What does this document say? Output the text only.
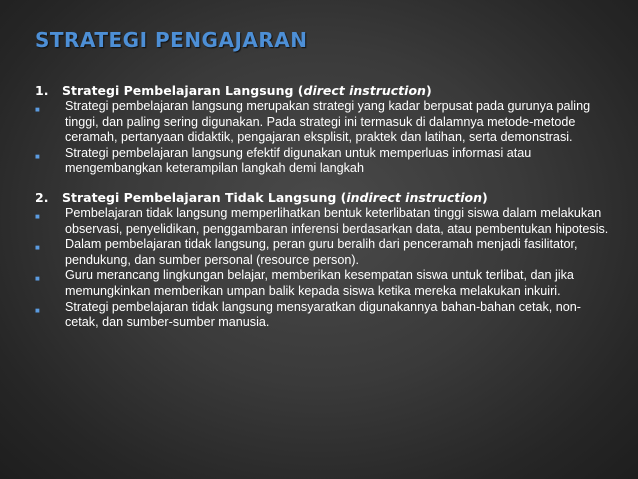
STRATEGI PENGAJARAN
1.	Strategi Pembelajaran Langsung (direct instruction)
■	Strategi pembelajaran langsung merupakan strategi yang kadar berpusat pada gurunya paling tinggi, dan paling sering digunakan. Pada strategi ini termasuk di dalamnya metode-metode ceramah, pertanyaan didaktik, pengajaran eksplisit, praktek dan latihan, serta demonstrasi.
■	Strategi pembelajaran langsung efektif digunakan untuk memperluas informasi atau mengembangkan keterampilan langkah demi langkah
2.	Strategi Pembelajaran Tidak Langsung (indirect instruction)
■	Pembelajaran tidak langsung memperlihatkan bentuk keterlibatan tinggi siswa dalam melakukan observasi, penyelidikan, penggambaran inferensi berdasarkan data, atau pembentukan hipotesis.
■	Dalam pembelajaran tidak langsung, peran guru beralih dari penceramah menjadi fasilitator, pendukung, dan sumber personal (resource person).
■	Guru merancang lingkungan belajar, memberikan kesempatan siswa untuk terlibat, dan jika memungkinkan memberikan umpan balik kepada siswa ketika mereka melakukan inkuiri.
■	Strategi pembelajaran tidak langsung mensyaratkan digunakannya bahan-bahan cetak, non-cetak, dan sumber-sumber manusia.
